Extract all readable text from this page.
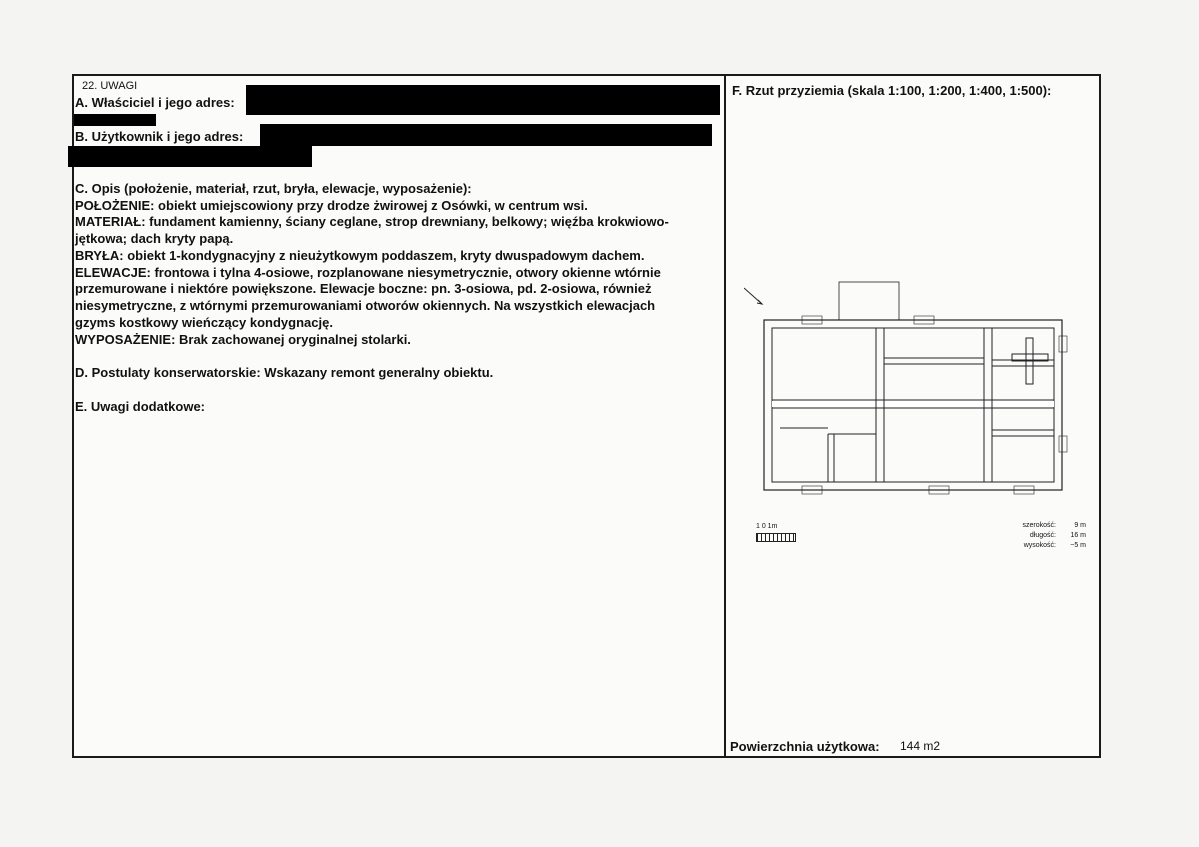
22. UWAGI
A. Właściciel i jego adres:
B. Użytkownik i jego adres:
C. Opis (położenie, materiał, rzut, bryła, elewacje, wyposażenie):
POŁOŻENIE: obiekt umiejscowiony przy drodze żwirowej z Osówki, w centrum wsi.
MATERIAŁ: fundament kamienny, ściany ceglane, strop drewniany, belkowy; więźba krokwiowo-
jętkowa; dach kryty papą.
BRYŁA: obiekt 1-kondygnacyjny z nieużytkowym poddaszem, kryty dwuspadowym dachem.
ELEWACJE: frontowa i tylna 4-osiowe, rozplanowane niesymetrycznie, otwory okienne wtórnie
przemurowane i niektóre powiększone. Elewacje boczne: pn. 3-osiowa, pd. 2-osiowa, również
niesymetryczne, z wtórnymi przemurowaniami otworów okiennych. Na wszystkich elewacjach
gzyms kostkowy wieńczący kondygnację.
WYPOSAŻENIE: Brak zachowanej oryginalnej stolarki.
D. Postulaty konserwatorskie: Wskazany remont generalny obiektu.
E. Uwagi dodatkowe:
F. Rzut przyziemia (skala 1:100, 1:200, 1:400, 1:500):
1 0 1m	szerokość:	9 m
długość: 16 m
wysokość: ~5 m
Powierzchnia użytkowa: 144 m2
